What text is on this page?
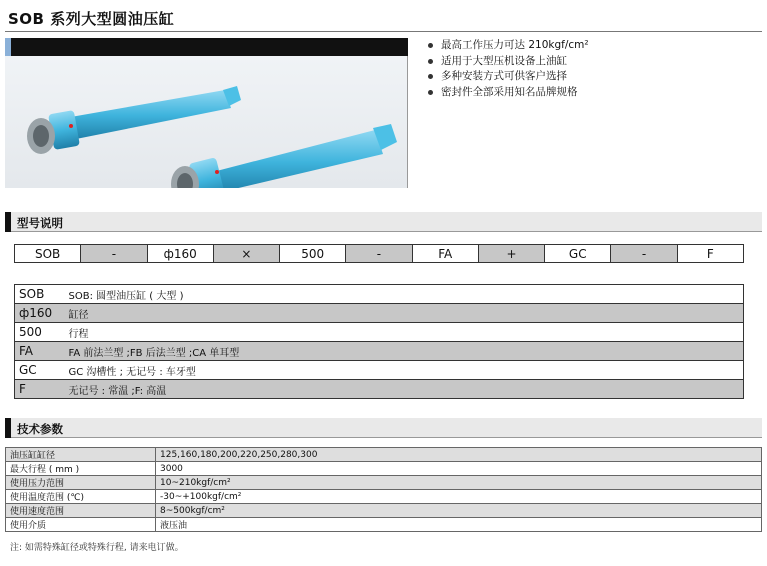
SOB 系列大型圆油压缸
最高工作压力可达 210kgf/cm²
适用于大型压机设备上油缸
多种安装方式可供客户选择
密封件全部采用知名品牌规格
型号说明
SOB	-	ф160	×	500	-	FA	+	GC	-	F
SOB	SOB: 圆型油压缸 ( 大型 )
ф160	缸径
500	行程
FA	FA 前法兰型 ;FB 后法兰型 ;CA 单耳型
GC	GC 沟槽性 ; 无记号 : 车牙型
F	无记号 : 常温 ;F: 高温
技术参数
油压缸缸径	125,160,180,200,220,250,280,300
最大行程 ( mm )	3000
使用压力范围	10~210kgf/cm²
使用温度范围 (℃)	-30~+100kgf/cm²
使用速度范围	8~500kgf/cm²
使用介质	液压油
注: 如需特殊缸径或特殊行程, 请来电订做。
